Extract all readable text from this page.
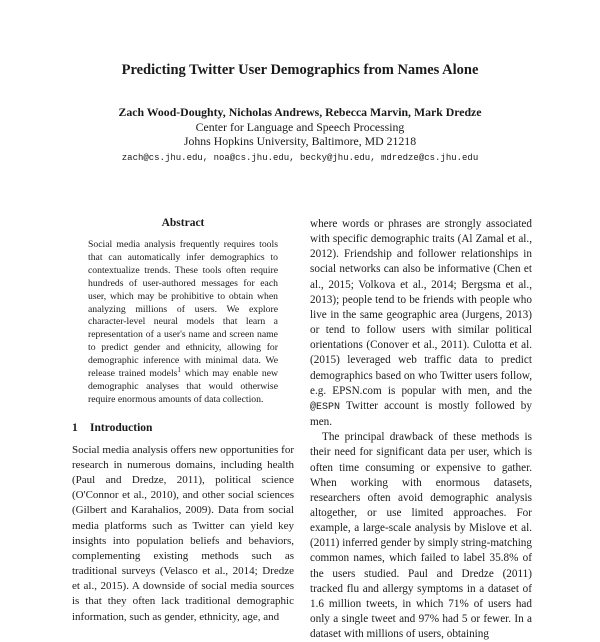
Predicting Twitter User Demographics from Names Alone
Zach Wood-Doughty, Nicholas Andrews, Rebecca Marvin, Mark Dredze
Center for Language and Speech Processing
Johns Hopkins University, Baltimore, MD 21218
zach@cs.jhu.edu, noa@cs.jhu.edu, becky@jhu.edu, mdredze@cs.jhu.edu
Abstract

Social media analysis frequently requires tools that can automatically infer demographics to contextualize trends. These tools often require hundreds of user-authored messages for each user, which may be prohibitive to obtain when analyzing millions of users. We explore character-level neural models that learn a representation of a user's name and screen name to predict gender and ethnicity, allowing for demographic inference with minimal data. We release trained models$^1$ which may enable new demographic analyses that would otherwise require enormous amounts of data collection.

1 Introduction

Social media analysis offers new opportunities for research in numerous domains, including health (Paul and Dredze, 2011), political science (O'Connor et al., 2010), and other social sciences (Gilbert and Karahalios, 2009). Data from social media platforms such as Twitter can yield key insights into population beliefs and behaviors, complementing existing methods such as traditional surveys (Velasco et al., 2014; Dredze et al., 2015). A downside of social media sources is that they often lack traditional demographic information, such as gender, ethnicity, age, and

where words or phrases are strongly associated with specific demographic traits (Al Zamal et al., 2012). Friendship and follower relationships in social networks can also be informative (Chen et al., 2015; Volkova et al., 2014; Bergsma et al., 2013); people tend to be friends with people who live in the same geographic area (Jurgens, 2013) or tend to follow users with similar political orientations (Conover et al., 2011). Culotta et al. (2015) leveraged web traffic data to predict demographics based on who Twitter users follow, e.g. EPSN.com is popular with men, and the @ESPN Twitter account is mostly followed by men.

The principal drawback of these methods is their need for significant data per user, which is often time consuming or expensive to gather. When working with enormous datasets, researchers often avoid demographic analysis altogether, or use limited approaches. For example, a large-scale analysis by Mislove et al. (2011) inferred gender by simply string-matching common names, which failed to label 35.8% of the users studied. Paul and Dredze (2011) tracked flu and allergy symptoms in a dataset of 1.6 million tweets, in which 71% of users had only a single tweet and 97% had 5 or fewer. In a dataset with millions of users, obtaining
